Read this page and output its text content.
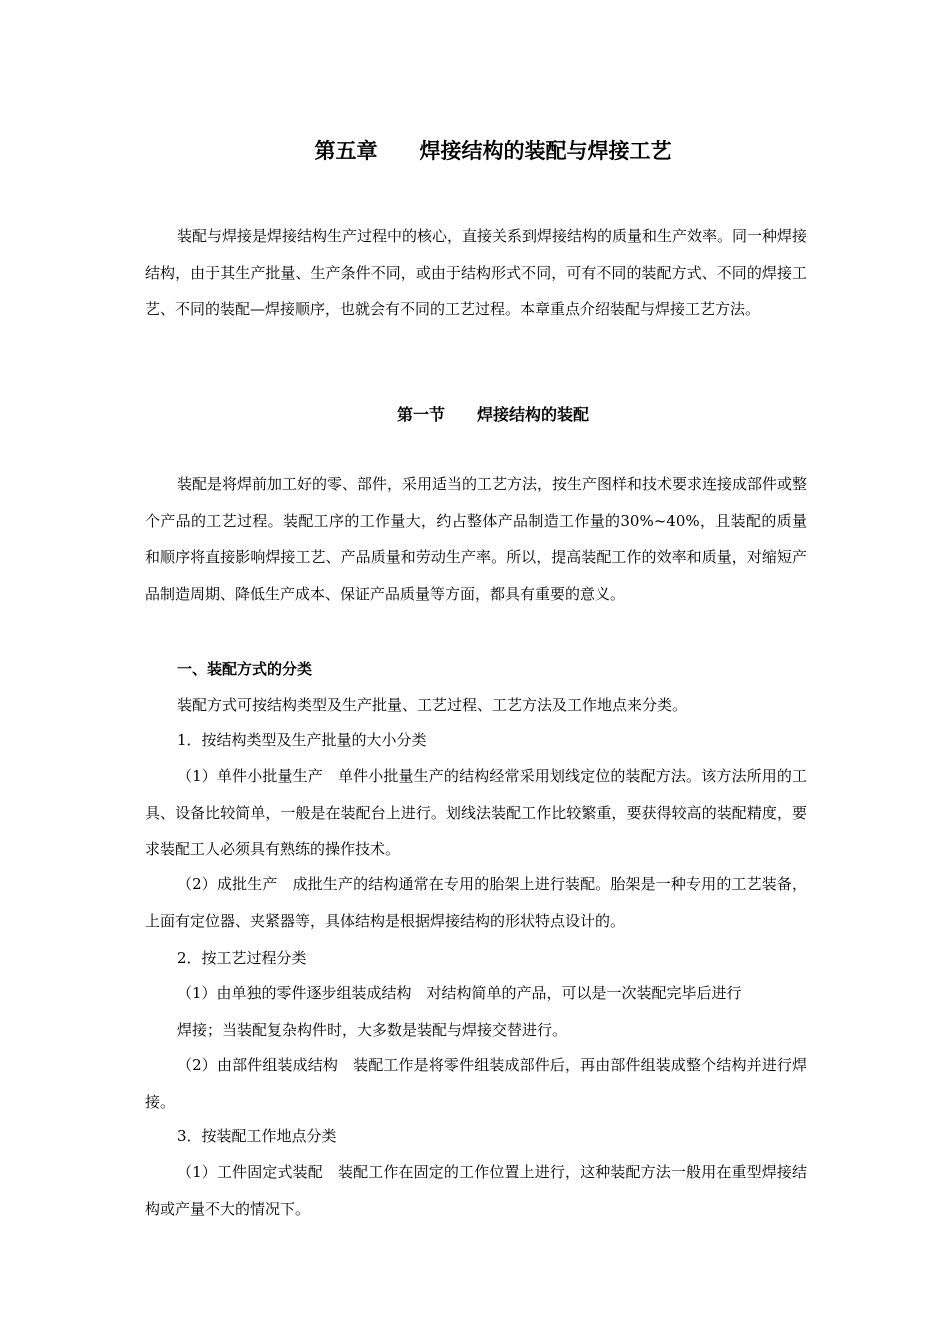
第五章　　焊接结构的装配与焊接工艺

装配与焊接是焊接结构生产过程中的核心，直接关系到焊接结构的质量和生产效率。同一种焊接结构，由于其生产批量、生产条件不同，或由于结构形式不同，可有不同的装配方式、不同的焊接工艺、不同的装配—焊接顺序，也就会有不同的工艺过程。本章重点介绍装配与焊接工艺方法。

第一节　　焊接结构的装配

装配是将焊前加工好的零、部件，采用适当的工艺方法，按生产图样和技术要求连接成部件或整个产品的工艺过程。装配工序的工作量大，约占整体产品制造工作量的30%~40%，且装配的质量和顺序将直接影响焊接工艺、产品质量和劳动生产率。所以，提高装配工作的效率和质量，对缩短产品制造周期、降低生产成本、保证产品质量等方面，都具有重要的意义。

一、装配方式的分类

装配方式可按结构类型及生产批量、工艺过程、工艺方法及工作地点来分类。

1．按结构类型及生产批量的大小分类

（1）单件小批量生产　单件小批量生产的结构经常采用划线定位的装配方法。该方法所用的工具、设备比较简单，一般是在装配台上进行。划线法装配工作比较繁重，要获得较高的装配精度，要求装配工人必须具有熟练的操作技术。

（2）成批生产　成批生产的结构通常在专用的胎架上进行装配。胎架是一种专用的工艺装备，上面有定位器、夹紧器等，具体结构是根据焊接结构的形状特点设计的。

2．按工艺过程分类

（1）由单独的零件逐步组装成结构　对结构简单的产品，可以是一次装配完毕后进行
焊接；当装配复杂构件时，大多数是装配与焊接交替进行。

（2）由部件组装成结构　装配工作是将零件组装成部件后，再由部件组装成整个结构并进行焊接。

3．按装配工作地点分类

（1）工件固定式装配　装配工作在固定的工作位置上进行，这种装配方法一般用在重型焊接结构或产量不大的情况下。
